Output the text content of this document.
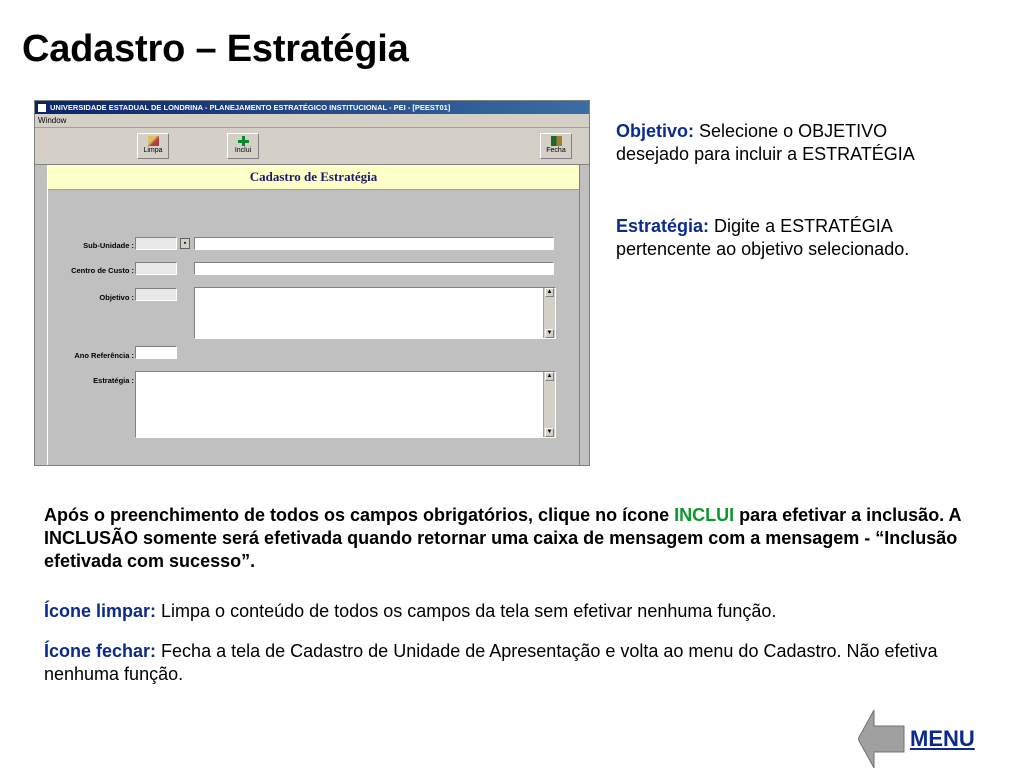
Cadastro – Estratégia
UNIVERSIDADE ESTADUAL DE LONDRINA - PLANEJAMENTO ESTRATÉGICO INSTITUCIONAL - PEI - [PEEST01]
Window
Limpa	Inclui	Fecha
Cadastro de Estratégia
Sub-Unidade :	▪
Centro de Custo :
Objetivo :
▲
▼
Ano Referência :
Estratégia :	▲
▼
Objetivo: Selecione o OBJETIVO desejado para incluir a ESTRATÉGIA
Estratégia: Digite a ESTRATÉGIA pertencente ao objetivo selecionado.
Após o preenchimento de todos os campos obrigatórios, clique no ícone INCLUI para efetivar a inclusão. A INCLUSÃO somente será efetivada quando retornar uma caixa de mensagem com a mensagem - “Inclusão efetivada com sucesso”.
Ícone limpar: Limpa o conteúdo de todos os campos da tela sem efetivar nenhuma função.
Ícone fechar: Fecha a tela de Cadastro de Unidade de Apresentação e volta ao menu do Cadastro. Não efetiva nenhuma função.
MENU
